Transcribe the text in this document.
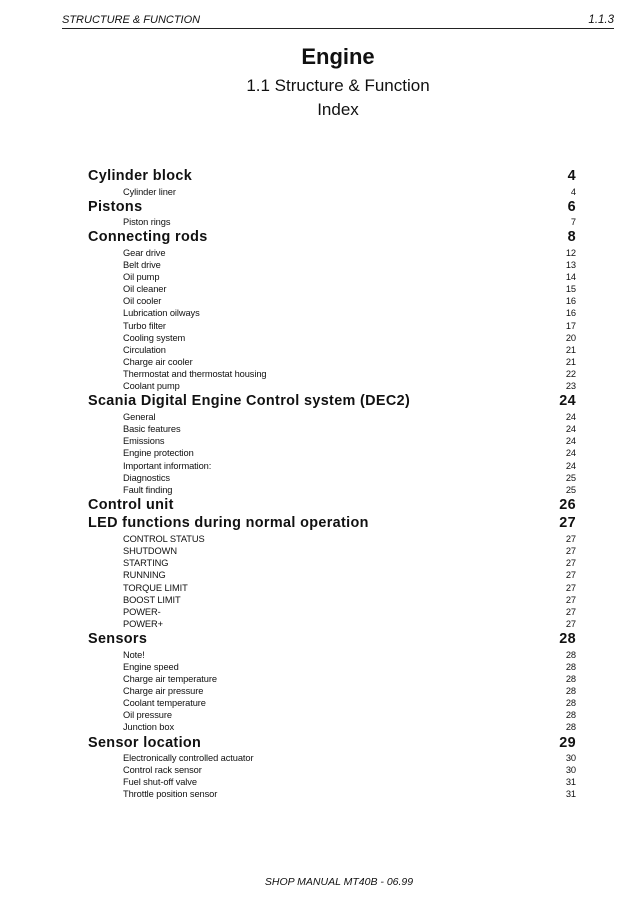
STRUCTURE & FUNCTION	1.1.3
Engine
1.1 Structure & Function
Index
Cylinder block	4
Cylinder liner	4
Pistons	6
Piston rings	7
Connecting rods	8
Gear drive	12
Belt drive	13
Oil pump	14
Oil cleaner	15
Oil cooler	16
Lubrication oilways	16
Turbo filter	17
Cooling system	20
Circulation	21
Charge air cooler	21
Thermostat and thermostat housing	22
Coolant pump	23
Scania Digital Engine Control system (DEC2)	24
General	24
Basic features	24
Emissions	24
Engine protection	24
Important information:	24
Diagnostics	25
Fault finding	25
Control unit	26
LED functions during normal operation	27
CONTROL STATUS	27
SHUTDOWN	27
STARTING	27
RUNNING	27
TORQUE LIMIT	27
BOOST LIMIT	27
POWER-	27
POWER+	27
Sensors	28
Note!	28
Engine speed	28
Charge air temperature	28
Charge air pressure	28
Coolant temperature	28
Oil pressure	28
Junction box	28
Sensor location	29
Electronically controlled actuator	30
Control rack sensor	30
Fuel shut-off valve	31
Throttle position sensor	31
SHOP MANUAL MT40B - 06.99
